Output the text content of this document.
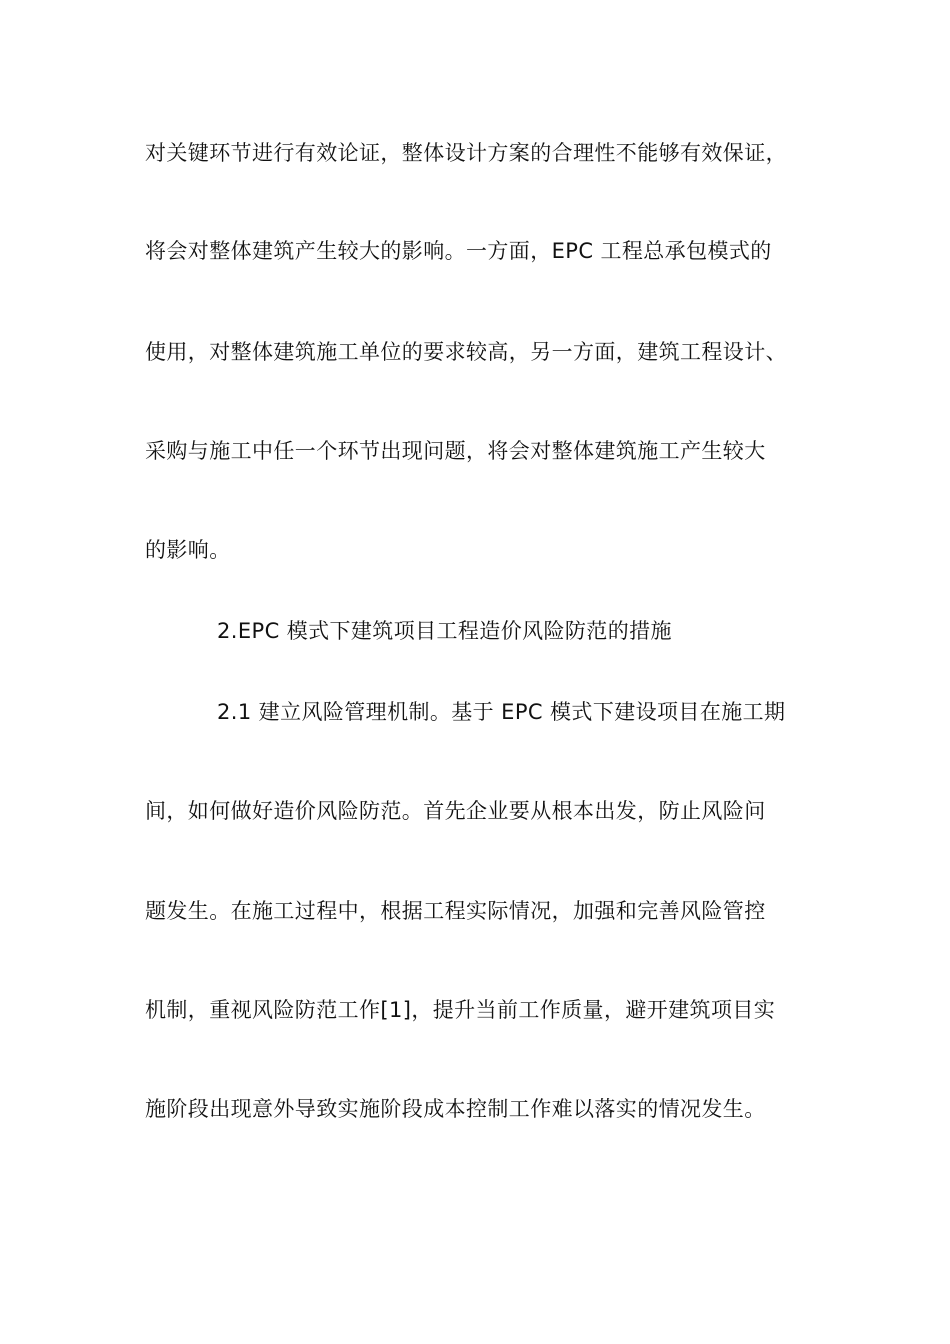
对关键环节进行有效论证，整体设计方案的合理性不能够有效保证，
将会对整体建筑产生较大的影响。一方面，EPC 工程总承包模式的
使用，对整体建筑施工单位的要求较高，另一方面，建筑工程设计、
采购与施工中任一个环节出现问题，将会对整体建筑施工产生较大
的影响。
2.EPC 模式下建筑项目工程造价风险防范的措施
2.1 建立风险管理机制。基于 EPC 模式下建设项目在施工期
间，如何做好造价风险防范。首先企业要从根本出发，防止风险问
题发生。在施工过程中，根据工程实际情况，加强和完善风险管控
机制，重视风险防范工作[1]，提升当前工作质量，避开建筑项目实
施阶段出现意外导致实施阶段成本控制工作难以落实的情况发生。
